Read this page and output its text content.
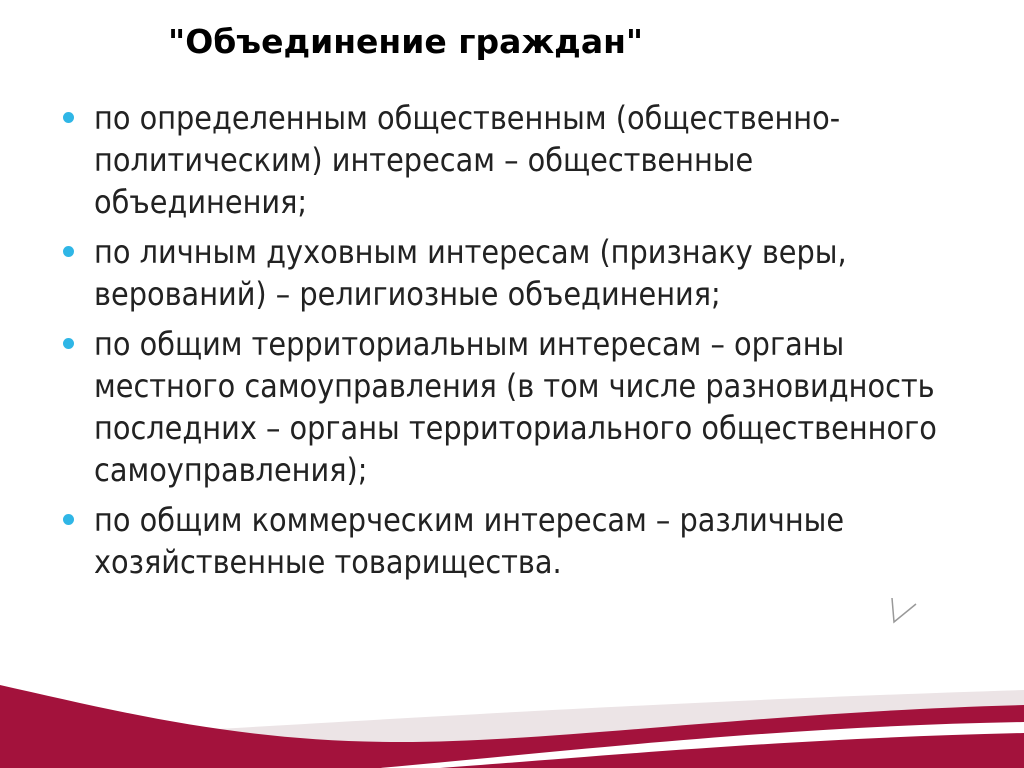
"Объединение граждан"
по определенным общественным (общественно-политическим) интересам – общественные объединения;
по личным духовным интересам (признаку веры, верований) – религиозные объединения;
по общим территориальным интересам – органы местного самоуправления (в том числе разновидность последних – органы территориального общественного самоуправления);
по общим коммерческим интересам – различные хозяйственные товарищества.
